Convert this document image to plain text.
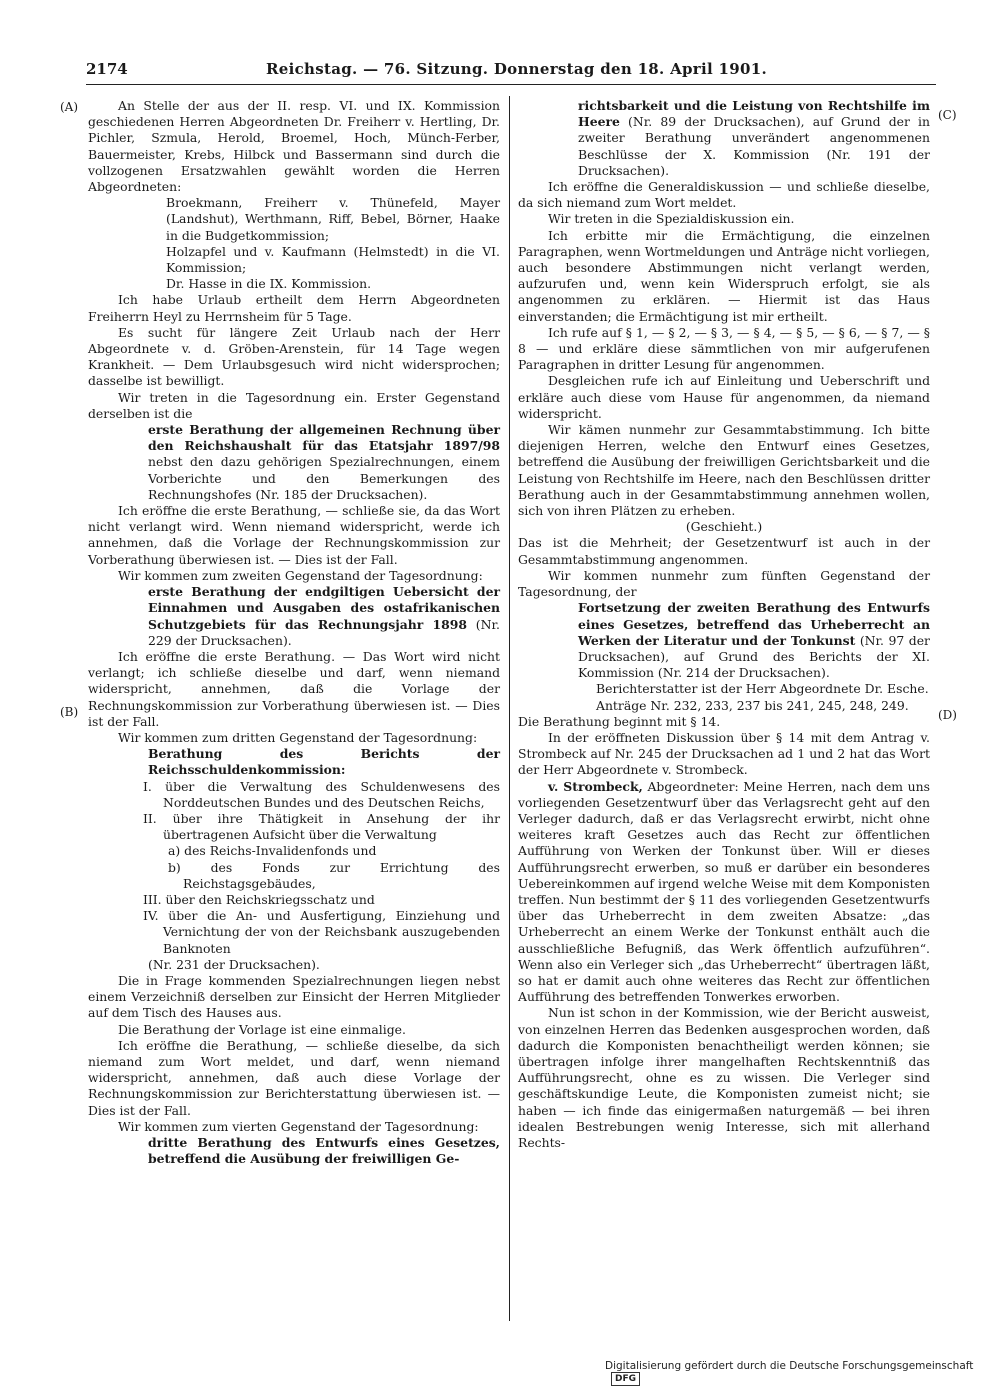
2174	Reichstag. — 76. Sitzung. Donnerstag den 18. April 1901.
(A)
(B)
(C)
(D)

An Stelle der aus der II. resp. VI. und IX. Kommission geschiedenen Herren Abgeordneten Dr. Freiherr v. Hertling, Dr. Pichler, Szmula, Herold, Broemel, Hoch, Münch-Ferber, Bauermeister, Krebs, Hilbck und Bassermann sind durch die vollzogenen Ersatzwahlen gewählt worden die Herren Abgeordneten:

Broekmann, Freiherr v. Thünefeld, Mayer (Landshut), Werthmann, Riff, Bebel, Börner, Haake in die Budgetkommission;

Holzapfel und v. Kaufmann (Helmstedt) in die VI. Kommission;

Dr. Hasse in die IX. Kommission.

Ich habe Urlaub ertheilt dem Herrn Abgeordneten Freiherrn Heyl zu Herrnsheim für 5 Tage.

Es sucht für längere Zeit Urlaub nach der Herr Abgeordnete v. d. Gröben-Arenstein, für 14 Tage wegen Krankheit. — Dem Urlaubsgesuch wird nicht widersprochen; dasselbe ist bewilligt.

Wir treten in die Tagesordnung ein. Erster Gegenstand derselben ist die

erste Berathung der allgemeinen Rechnung über den Reichshaushalt für das Etatsjahr 1897/98 nebst den dazu gehörigen Spezialrechnungen, einem Vorberichte und den Bemerkungen des Rechnungshofes (Nr. 185 der Drucksachen).

Ich eröffne die erste Berathung, — schließe sie, da das Wort nicht verlangt wird. Wenn niemand widerspricht, werde ich annehmen, daß die Vorlage der Rechnungskommission zur Vorberathung überwiesen ist. — Dies ist der Fall.

Wir kommen zum zweiten Gegenstand der Tagesordnung:

erste Berathung der endgiltigen Uebersicht der Einnahmen und Ausgaben des ostafrikanischen Schutzgebiets für das Rechnungsjahr 1898 (Nr. 229 der Drucksachen).

Ich eröffne die erste Berathung. — Das Wort wird nicht verlangt; ich schließe dieselbe und darf, wenn niemand widerspricht, annehmen, daß die Vorlage der Rechnungskommission zur Vorberathung überwiesen ist. — Dies ist der Fall.

Wir kommen zum dritten Gegenstand der Tagesordnung:

Berathung des Berichts der Reichsschuldenkommission:

I. über die Verwaltung des Schuldenwesens des Norddeutschen Bundes und des Deutschen Reichs,

II. über ihre Thätigkeit in Ansehung der ihr übertragenen Aufsicht über die Verwaltung

a) des Reichs-Invalidenfonds und

b) des Fonds zur Errichtung des Reichstagsgebäudes,

III. über den Reichskriegsschatz und

IV. über die An- und Ausfertigung, Einziehung und Vernichtung der von der Reichsbank auszugebenden Banknoten

(Nr. 231 der Drucksachen).

Die in Frage kommenden Spezialrechnungen liegen nebst einem Verzeichniß derselben zur Einsicht der Herren Mitglieder auf dem Tisch des Hauses aus.

Die Berathung der Vorlage ist eine einmalige.

Ich eröffne die Berathung, — schließe dieselbe, da sich niemand zum Wort meldet, und darf, wenn niemand widerspricht, annehmen, daß auch diese Vorlage der Rechnungskommission zur Berichterstattung überwiesen ist. — Dies ist der Fall.

Wir kommen zum vierten Gegenstand der Tagesordnung:

dritte Berathung des Entwurfs eines Gesetzes, betreffend die Ausübung der freiwilligen Ge-

richtsbarkeit und die Leistung von Rechtshilfe im Heere (Nr. 89 der Drucksachen), auf Grund der in zweiter Berathung unverändert angenommenen Beschlüsse der X. Kommission (Nr. 191 der Drucksachen).

Ich eröffne die Generaldiskussion — und schließe dieselbe, da sich niemand zum Wort meldet.

Wir treten in die Spezialdiskussion ein.

Ich erbitte mir die Ermächtigung, die einzelnen Paragraphen, wenn Wortmeldungen und Anträge nicht vorliegen, auch besondere Abstimmungen nicht verlangt werden, aufzurufen und, wenn kein Widerspruch erfolgt, sie als angenommen zu erklären. — Hiermit ist das Haus einverstanden; die Ermächtigung ist mir ertheilt.

Ich rufe auf § 1, — § 2, — § 3, — § 4, — § 5, — § 6, — § 7, — § 8 — und erkläre diese sämmtlichen von mir aufgerufenen Paragraphen in dritter Lesung für angenommen.

Desgleichen rufe ich auf Einleitung und Ueberschrift und erkläre auch diese vom Hause für angenommen, da niemand widerspricht.

Wir kämen nunmehr zur Gesammtabstimmung. Ich bitte diejenigen Herren, welche den Entwurf eines Gesetzes, betreffend die Ausübung der freiwilligen Gerichtsbarkeit und die Leistung von Rechtshilfe im Heere, nach den Beschlüssen dritter Berathung auch in der Gesammtabstimmung annehmen wollen, sich von ihren Plätzen zu erheben.

(Geschieht.)

Das ist die Mehrheit; der Gesetzentwurf ist auch in der Gesammtabstimmung angenommen.

Wir kommen nunmehr zum fünften Gegenstand der Tagesordnung, der

Fortsetzung der zweiten Berathung des Entwurfs eines Gesetzes, betreffend das Urheberrecht an Werken der Literatur und der Tonkunst (Nr. 97 der Drucksachen), auf Grund des Berichts der XI. Kommission (Nr. 214 der Drucksachen).

Berichterstatter ist der Herr Abgeordnete Dr. Esche.

Anträge Nr. 232, 233, 237 bis 241, 245, 248, 249.

Die Berathung beginnt mit § 14.

In der eröffneten Diskussion über § 14 mit dem Antrag v. Strombeck auf Nr. 245 der Drucksachen ad 1 und 2 hat das Wort der Herr Abgeordnete v. Strombeck.

v. Strombeck, Abgeordneter: Meine Herren, nach dem uns vorliegenden Gesetzentwurf über das Verlagsrecht geht auf den Verleger dadurch, daß er das Verlagsrecht erwirbt, nicht ohne weiteres kraft Gesetzes auch das Recht zur öffentlichen Aufführung von Werken der Tonkunst über. Will er dieses Aufführungsrecht erwerben, so muß er darüber ein besonderes Uebereinkommen auf irgend welche Weise mit dem Komponisten treffen. Nun bestimmt der § 11 des vorliegenden Gesetzentwurfs über das Urheberrecht in dem zweiten Absatze: „das Urheberrecht an einem Werke der Tonkunst enthält auch die ausschließliche Befugniß, das Werk öffentlich aufzuführen“. Wenn also ein Verleger sich „das Urheberrecht“ übertragen läßt, so hat er damit auch ohne weiteres das Recht zur öffentlichen Aufführung des betreffenden Tonwerkes erworben.

Nun ist schon in der Kommission, wie der Bericht ausweist, von einzelnen Herren das Bedenken ausgesprochen worden, daß dadurch die Komponisten benachtheiligt werden können; sie übertragen infolge ihrer mangelhaften Rechtskenntniß das Aufführungsrecht, ohne es zu wissen. Die Verleger sind geschäftskundige Leute, die Komponisten zumeist nicht; sie haben — ich finde das einigermaßen naturgemäß — bei ihren idealen Bestrebungen wenig Interesse, sich mit allerhand Rechts-

Digitalisierung gefördert durch die Deutsche ForschungsgemeinschaftDFG
